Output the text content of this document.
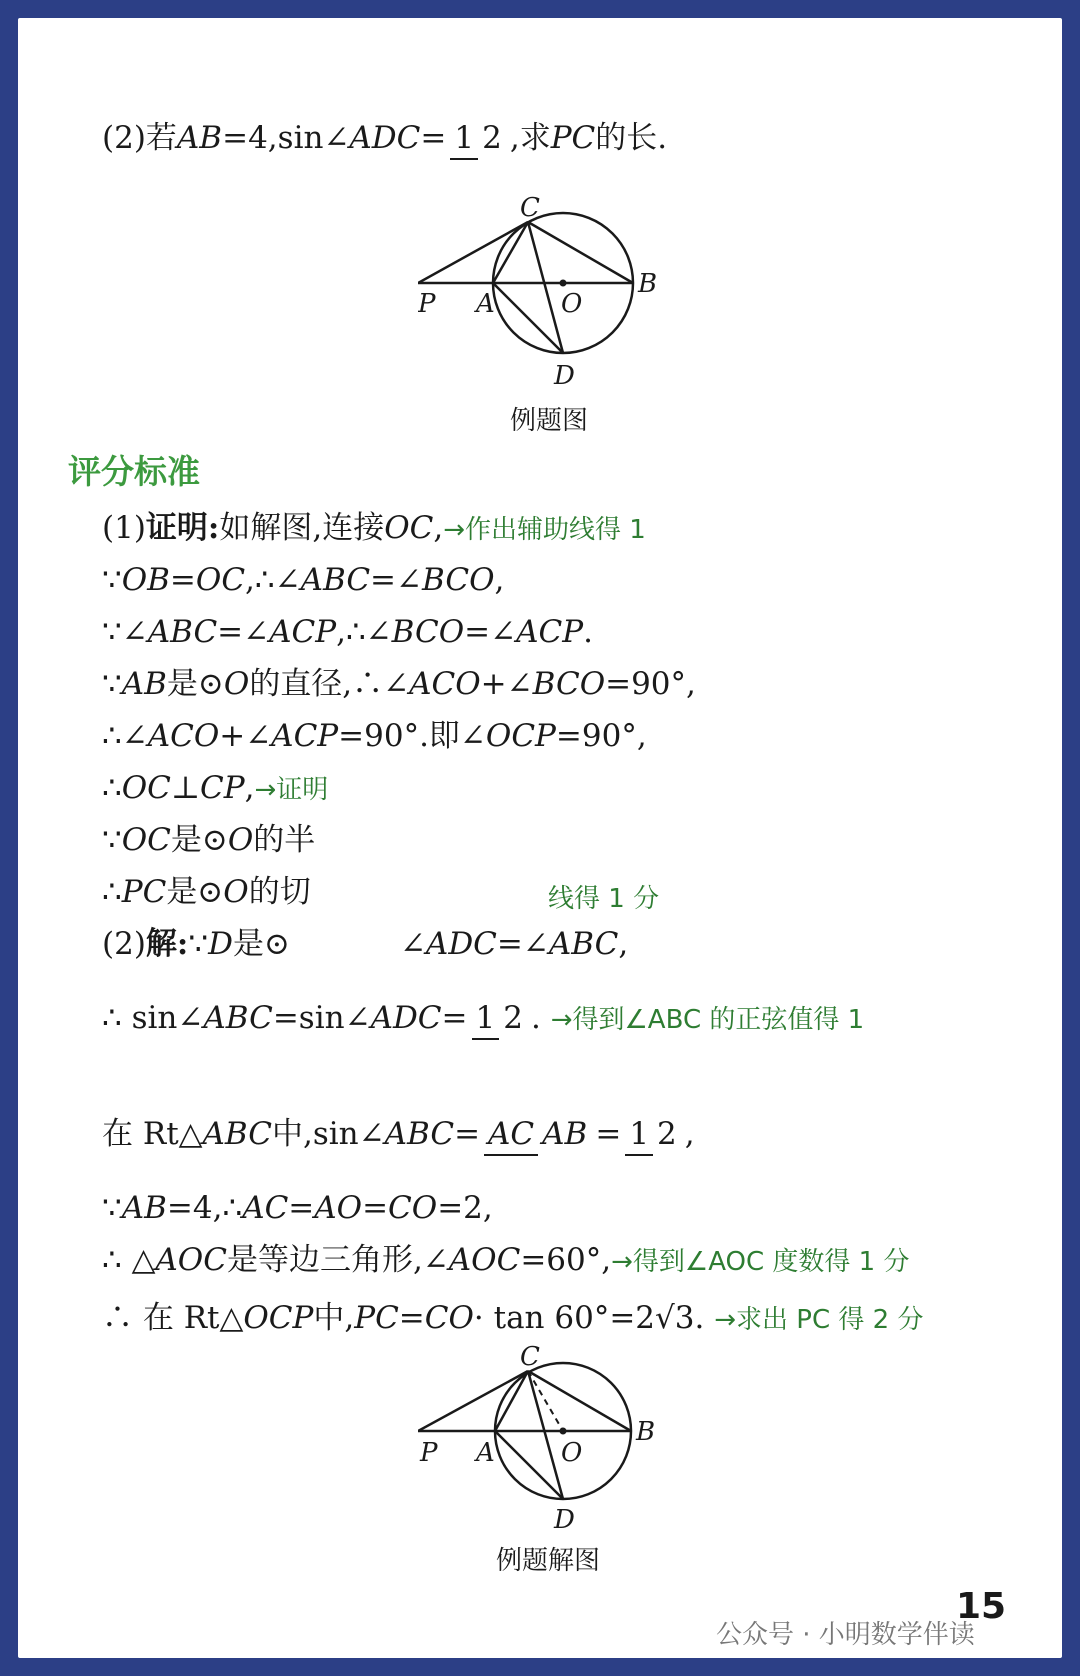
(2)若AB=4,sin∠ADC= 1 2 ,求PC的长.
C
P A	O
B
D
例题图
评分标准
(1)证明:如解图,连接OC,→作出辅助线得 1
∵OB=OC,∴∠ABC=∠BCO,
∵∠ABC=∠ACP,∴∠BCO=∠ACP.
∵AB是⊙O的直径,∴∠ACO+∠BCO=90°,
∴∠ACO+∠ACP=90°.即∠OCP=90°,
∴OC⊥CP,→证明
∵OC是⊙O的半
∴PC是⊙O的切	线得 1 分
(2)解:∵D是⊙	∠ADC=∠ABC,
∴ sin∠ABC=sin∠ADC= 1 2 . →得到∠ABC 的正弦值得 1
在 Rt△ABC中,sin∠ABC= AC AB = 1 2 ,
∵AB=4,∴AC=AO=CO=2,
∴ △AOC是等边三角形,∠AOC=60°,→得到∠AOC 度数得 1 分
∴ 在 Rt△OCP中,PC=CO· tan 60°=2√3. →求出 PC 得 2 分
C
P A	O
B
D
例题解图
15
公众号 · 小明数学伴读
